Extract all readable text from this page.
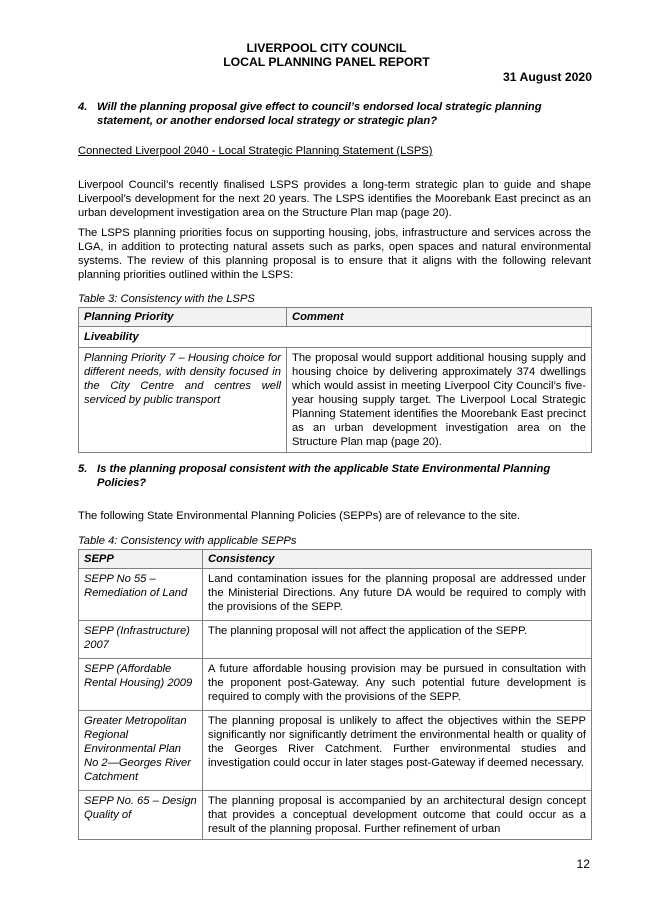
LIVERPOOL CITY COUNCIL
LOCAL PLANNING PANEL REPORT
31 August 2020
4. Will the planning proposal give effect to council’s endorsed local strategic planning statement, or another endorsed local strategy or strategic plan?
Connected Liverpool 2040 - Local Strategic Planning Statement (LSPS)
Liverpool Council’s recently finalised LSPS provides a long-term strategic plan to guide and shape Liverpool’s development for the next 20 years. The LSPS identifies the Moorebank East precinct as an urban development investigation area on the Structure Plan map (page 20).
The LSPS planning priorities focus on supporting housing, jobs, infrastructure and services across the LGA, in addition to protecting natural assets such as parks, open spaces and natural environmental systems. The review of this planning proposal is to ensure that it aligns with the following relevant planning priorities outlined within the LSPS:
Table 3: Consistency with the LSPS
Planning Priority	Comment
Liveability	
Planning Priority 7 – Housing choice for different needs, with density focused in the City Centre and centres well serviced by public transport	The proposal would support additional housing supply and housing choice by delivering approximately 374 dwellings which would assist in meeting Liverpool City Council’s five-year housing supply target. The Liverpool Local Strategic Planning Statement identifies the Moorebank East precinct as an urban development investigation area on the Structure Plan map (page 20).
5. Is the planning proposal consistent with the applicable State Environmental Planning Policies?
The following State Environmental Planning Policies (SEPPs) are of relevance to the site.
Table 4: Consistency with applicable SEPPs
SEPP	Consistency
SEPP No 55 – Remediation of Land	Land contamination issues for the planning proposal are addressed under the Ministerial Directions. Any future DA would be required to comply with the provisions of the SEPP.
SEPP (Infrastructure) 2007	The planning proposal will not affect the application of the SEPP.
SEPP (Affordable Rental Housing) 2009	A future affordable housing provision may be pursued in consultation with the proponent post-Gateway. Any such potential future development is required to comply with the provisions of the SEPP.
Greater Metropolitan Regional Environmental Plan No 2—Georges River Catchment	The planning proposal is unlikely to affect the objectives within the SEPP significantly nor significantly detriment the environmental health or quality of the Georges River Catchment. Further environmental studies and investigation could occur in later stages post-Gateway if deemed necessary.
SEPP No. 65 – Design Quality of	The planning proposal is accompanied by an architectural design concept that provides a conceptual development outcome that could occur as a result of the planning proposal. Further refinement of urban
12
